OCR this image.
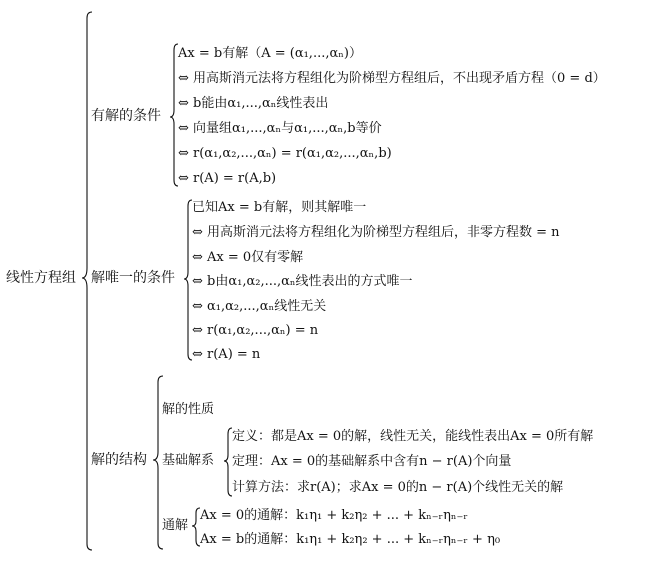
线性方程组
有解的条件
Ax = b有解（A = (α₁,...,αₙ)）
⇔ 用高斯消元法将方程组化为阶梯型方程组后，不出现矛盾方程（0 = d）
⇔ b能由α₁,...,αₙ线性表出
⇔ 向量组α₁,...,αₙ与α₁,...,αₙ,b等价
⇔ r(α₁,α₂,...,αₙ) = r(α₁,α₂,...,αₙ,b)
⇔ r(A) = r(A,b)
解唯一的条件
已知Ax = b有解，则其解唯一
⇔ 用高斯消元法将方程组化为阶梯型方程组后，非零方程数 = n
⇔ Ax = 0仅有零解
⇔ b由α₁,α₂,...,αₙ线性表出的方式唯一
⇔ α₁,α₂,...,αₙ线性无关
⇔ r(α₁,α₂,...,αₙ) = n
⇔ r(A) = n
解的结构
解的性质
基础解系
定义：都是Ax = 0的解，线性无关，能线性表出Ax = 0所有解
定理：Ax = 0的基础解系中含有n − r(A)个向量
计算方法：求r(A)；求Ax = 0的n − r(A)个线性无关的解
通解
Ax = 0的通解：k₁η₁ + k₂η₂ + ... + kₙ₋ᵣηₙ₋ᵣ
Ax = b的通解：k₁η₁ + k₂η₂ + ... + kₙ₋ᵣηₙ₋ᵣ + η₀
